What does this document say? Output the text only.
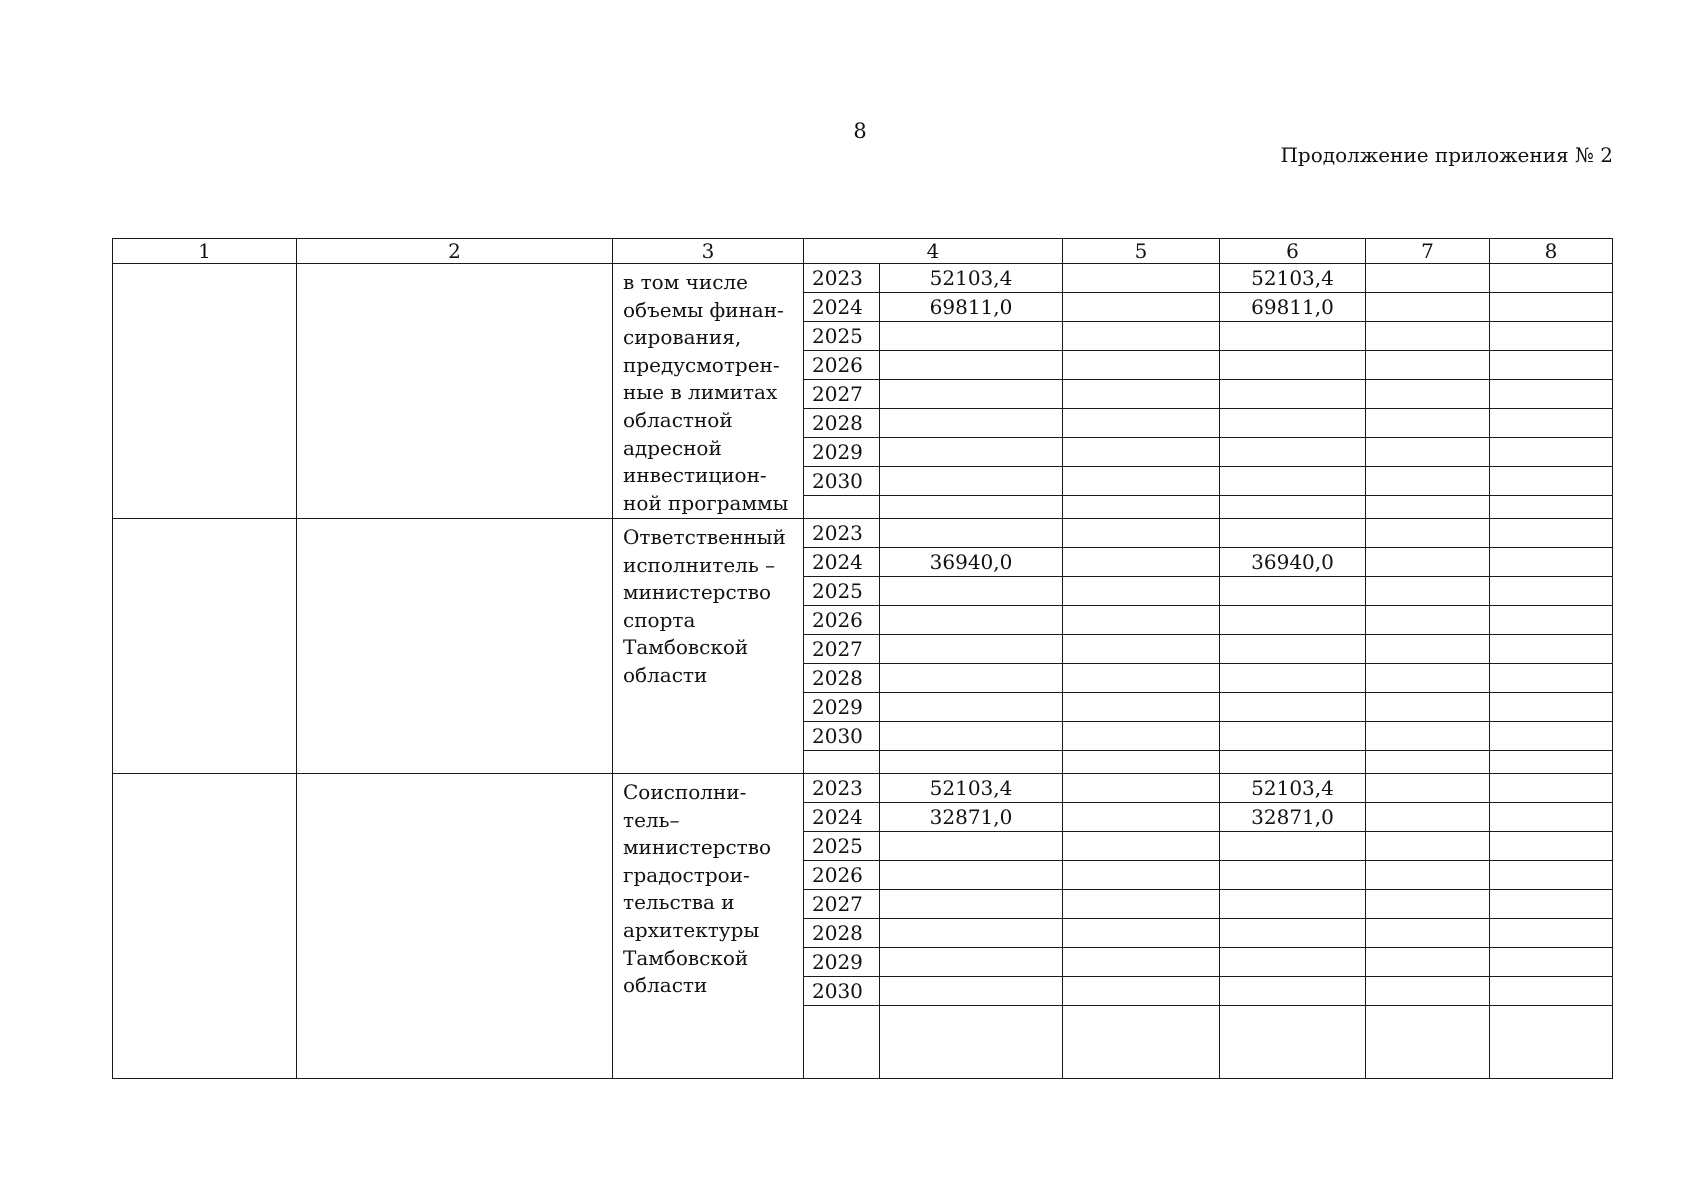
8
Продолжение приложения № 2
1	2	3	4		5	6	7	8
		в том числе объемы финан-сирования, предусмотрен-ные в лимитах областной адресной инвестицион-ной программы	2023	52103,4		52103,4		
			2024	69811,0		69811,0		
			2025					
			2026					
			2027					
			2028					
			2029					
			2030					

		Ответственный исполнитель – министерство спорта Тамбовской области	2023					
			2024	36940,0		36940,0		
			2025					
			2026					
			2027					
			2028					
			2029					
			2030					

		Соисполни-тель– министерство градострои-тельства и архитектуры Тамбовской области	2023	52103,4		52103,4		
			2024	32871,0		32871,0		
			2025					
			2026					
			2027					
			2028					
			2029					
			2030					
